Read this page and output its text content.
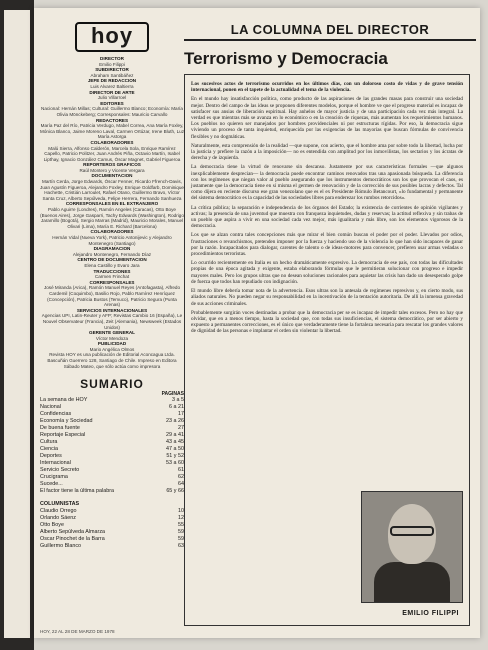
hoy
DIRECTOR
Emilio Filippi
SUBDIRECTOR
Abraham Santibáñez
JEFE DE REDACCION
Luis Alvarez Baltierra
DIRECTOR DE ARTE
Julio Villarroel
EDITORES
Nacional: Hernán Millas; Cultural: Guillermo Blanco; Economía: María Olivia Mönckeberg; Corresponsales: Mauricio Carvallo
REDACTORES
María Paz del Río, Patricia Verdugo, Mabel Correa, Ana María Foxley, Mónica Blanco, Jaime Moreno Laval, Carmen Ortúzar, Irene Bluth, Luz María Astorga
COLABORADORES
Malú Sierra, Alfonso Calderón, Marcela Sola, Enrique Ramírez Capello, Patricio Politzer, Juan Andrés Piña, Octavio Martín, Isabel Lipthay, Ignacio González Camus, Óscar Magnet, Gabriel Figueroa
REPORTEROS GRAFICOS
Raúl Montero y Vicente Vergara
DOCUMENTACION
Martín Cerda, Jorge Edwards, Óscar Fenner, Ricardo Ffrench-Davis, Juan Agustín Figueroa, Alejandro Foxley, Enrique Goldfarb, Dominique Hachette, Cristián Larroulet, Rafael Otano, Guillermo Bravo, Víctor Santa Cruz, Alberto Sepúlveda, Felipe Herrera, Fernando Sanhueza
CORRESPONSALES EN EL EXTRANJERO
Pablo Aguirre (Londres), Ramón Angeles (Caracas), Otto Boye (Buenos Aires), Jorge Gasparri, Tachy Edwards (Washington), Rodrigo Jaramillo (Bogotá), Sergio Marras (Madrid), Mauricio Morales, Manuel Olivari (Lima), María E. Richard (Barcelona)
COLABORADORES
Hernán Vidal (Nueva York), Patricio Antonijevic y Alejandro Montenegro (Santiago)
DIAGRAMACION
Alejandro Montenegro, Fernando Díaz
CENTRO DE DOCUMENTACION
Elena Castillo y Evaro Jara
TRADUCCIONES
Carmen Frinchat
CORRESPONSALES
José Miranda (Arica), Ramón Manuel Reyes (Antofagasta), Alfredo Cardemil (Coquimbo), Basilio Rojo, Pablo Ramírez Henríquez (Concepción), Patricia Bustos (Temuco), Patricio Segura (Punta Arenas)
SERVICIOS INTERNACIONALES
Agencias UPI, Latin-Reuter y AFP; Revistas Cambio 16 (España), Le Nouvel Observateur (Francia), Zeit (Alemania), Newsweek (Estados Unidos)
GERENTE GENERAL
Víctor Mendoza
PUBLICIDAD
Mario Angélica Olmos
Revista HOY es una publicación de Editorial Aconcagua Ltda. Bascuñán Guerrero 128, Santiago de Chile. Impreso en Editora Sábado Mateo, que sólo actúa como impresora
SUMARIO
PAGINAS
La semana de HOY	3 a 5
Nacional	6 a 21
Confidencias	17
Economía y Sociedad	23 a 26
De buena fuente	27
Reportaje Especial	29 a 41
Cultura	43 a 45
Ciencia	47 a 50
Deportes	51 y 52
Internacional	53 a 60
Servicio Secreto	61
Crucigrama	62
Sucede...	64
El factor tiene la última palabra	65 y 66
COLUMNISTAS
Claudio Orrego	10
Orlando Sáenz	12
Otto Boye	55
Alberto Sepúlveda Almarza	59
Oscar Pinochet de la Barra	59
Guillermo Blanco	63
HOY, 22 AL 28 DE MARZO DE 1978
LA COLUMNA DEL DIRECTOR
Terrorismo y Democracia

Los sucesivos actos de terrorismo ocurridos en los últimos días, con un doloroso costo de vidas y de grave tensión internacional, ponen en el tapete de la actualidad el tema de la violencia.

En el mundo hay insatisfacción política, como producto de las aspiraciones de las grandes masas para construir una sociedad mejor. Dentro del campo de las ideas se proponen diferentes modelos, porque el hombre ve que el progreso material es incapaz de satisfacer sus ansias de liberación espiritual. Hay anhelos de mayor justicia y de una participación cada vez más integral. La verdad es que mientras más se avanza en lo económico o en la creación de riquezas, más aumentan los requerimientos humanos. Los pueblos no quieren ser manejados por hombres providenciales ni por estructuras rígidas. Por eso, la democracia sigue viviendo un proceso de tanta inquietud, enriquecida por las exigencias de las mayorías que buscan fórmulas de convivencia flexibles y no dogmáticas.

Naturalmente, esta comprensión de la realidad —que supone, con acierto, que el hombre ama por sobre todo la libertad, lucha por la justicia y prefiere la razón a la imposición— no es entendida con amplitud por los inmovilistas, los sectarios y los ácratas de derecha y de izquierda.

La democracia tiene la virtud de renovarse sin descanso. Justamente por sus características formales —que algunos inexplicablemente desprecian— la democracia puede encontrar caminos renovados tras una apasionada búsqueda. La diferencia con los regímenes que niegan valor al pueblo asegurando que los instrumentos democráticos son los que provocan el caos, es justamente que la democracia tiene en sí misma el germen de renovación y de la corrección de sus posibles lacras y defectos. Tal como dijera en reciente discurso ese gran venezolano que es el ex Presidente Rómulo Betancourt, «lo fundamental y permanente del sistema democrático es la capacidad de las sociedades libres para enderezar los rumbos retorcidos».

La crítica pública; la separación e independencia de los órganos del Estado; la existencia de corrientes de opinión vigilantes y activas; la presencia de una juventud que muestra con franqueza inquietudes, dudas y reservas; la actitud reflexiva y sin trabas de un pueblo que aspira a vivir en una sociedad cada vez mejor, más igualitaria y más libre, son los elementos vigorosos de la democracia.

Los que se alzan contra tales concepciones más que mirar el bien común buscan el poder por el poder. Llevados por odios, frustraciones o revanchismos, pretenden imponer por la fuerza y haciendo uso de la violencia lo que han sido incapaces de ganar por la razón. Incapacitados para dialogar, carentes de talento o de ideas-motores para convencer, prefieren usar armas vedadas o procedimientos terroristas.

Lo ocurrido recientemente en Italia es un hecho dramáticamente expresivo. La democracia de ese país, con todas las dificultades propias de una época agitada y exigente, estaba elaborando fórmulas que le permitieran solucionar con progreso e impedir mayores males. Pero los grupos ultras que no desean soluciones racionales para aquietar las crisis han dado un desesperado golpe de fuerza que todos han repudiado con indignación.

El mundo libre debería tomar nota de la advertencia. Esos ultras son la antesala de regímenes represivos y, en cierto modo, sus aliados naturales. No pueden negar su responsabilidad en la incentivación de la tentación autoritaria. De allí la inmensa gravedad de sus acciones criminales.

Probablemente surgirán voces destinadas a probar que la democracia per se es incapaz de impedir tales excesos. Pero no hay que olvidar, que en a menos tiempo, hasta la sociedad que, con todas sus insuficiencias, el sistema democrático, por ser abierto y expuesto a permanentes correcciones, es el único que verdaderamente tiene la fortaleza necesaria para rescatar los grandes valores de dignidad de las personas e implantar el orden sin violentar la libertad.

EMILIO FILIPPI
